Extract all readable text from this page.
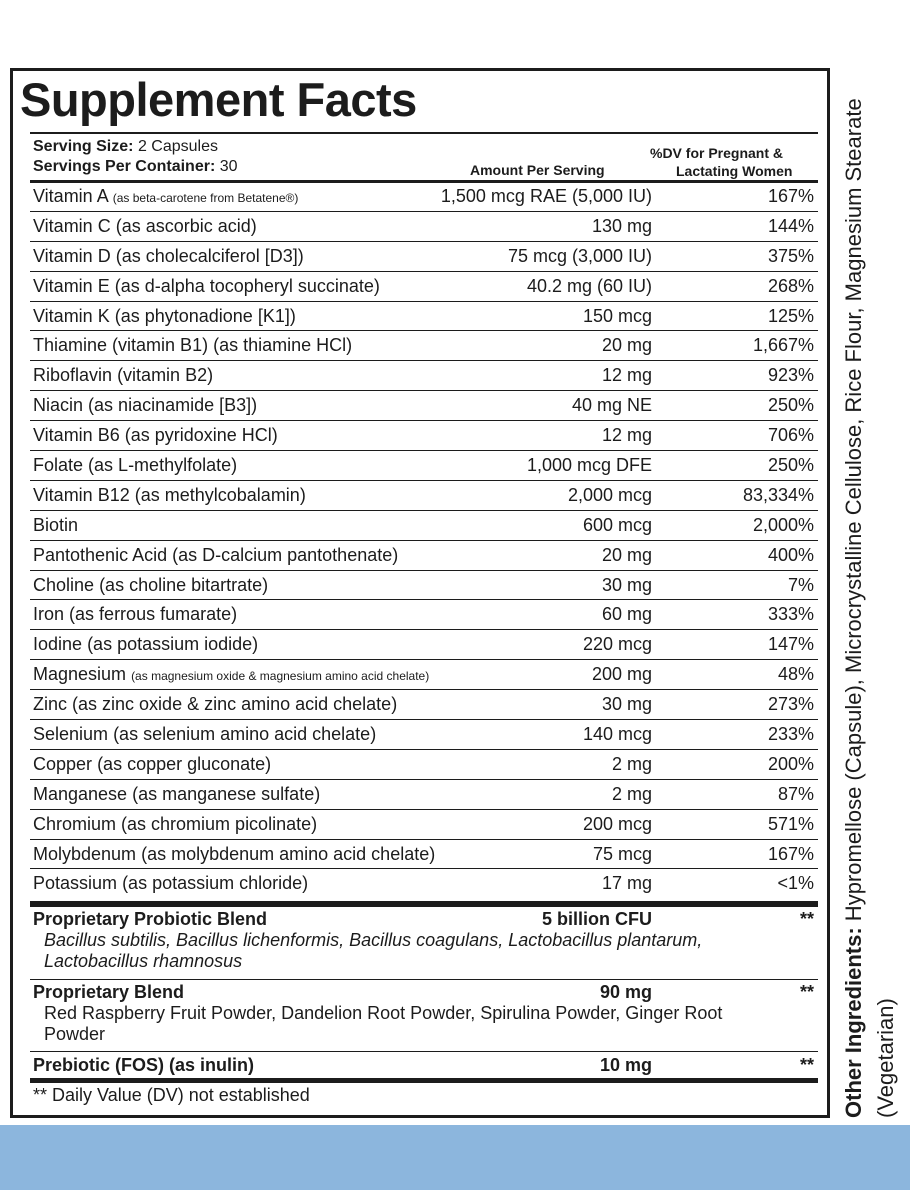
Supplement Facts
Serving Size: 2 Capsules
Servings Per Container: 30	Amount Per Serving
%DV for Pregnant &
Lactating Women
Vitamin A (as beta-carotene from Betatene®)	1,500 mcg RAE (5,000 IU)	167%
Vitamin C (as ascorbic acid)	130 mg	144%
Vitamin D (as cholecalciferol [D3])	75 mcg (3,000 IU)	375%
Vitamin E (as d-alpha tocopheryl succinate)	40.2 mg (60 IU)	268%
Vitamin K (as phytonadione [K1])	150 mcg	125%
Thiamine (vitamin B1) (as thiamine HCl)	20 mg	1,667%
Riboflavin (vitamin B2)	12 mg	923%
Niacin (as niacinamide [B3])	40 mg NE	250%
Vitamin B6 (as pyridoxine HCl)	12 mg	706%
Folate (as L-methylfolate)	1,000 mcg DFE	250%
Vitamin B12 (as methylcobalamin)	2,000 mcg	83,334%
Biotin	600 mcg	2,000%
Pantothenic Acid (as D-calcium pantothenate)	20 mg	400%
Choline (as choline bitartrate)	30 mg	7%
Iron (as ferrous fumarate)	60 mg	333%
Iodine (as potassium iodide)	220 mcg	147%
Magnesium (as magnesium oxide & magnesium amino acid chelate)	200 mg	48%
Zinc (as zinc oxide & zinc amino acid chelate)	30 mg	273%
Selenium (as selenium amino acid chelate)	140 mcg	233%
Copper (as copper gluconate)	2 mg	200%
Manganese (as manganese sulfate)	2 mg	87%
Chromium (as chromium picolinate)	200 mcg	571%
Molybdenum (as molybdenum amino acid chelate)	75 mcg	167%
Potassium (as potassium chloride)	17 mg	<1%
Proprietary Probiotic Blend	5 billion CFU	**
Bacillus subtilis, Bacillus lichenformis, Bacillus coagulans, Lactobacillus plantarum, Lactobacillus rhamnosus
Proprietary Blend	90 mg	**
Red Raspberry Fruit Powder, Dandelion Root Powder, Spirulina Powder, Ginger Root Powder
Prebiotic (FOS) (as inulin)	10 mg	**
** Daily Value (DV) not established	Other Ingredients: Hypromellose (Capsule), Microcrystalline Cellulose, Rice Flour, Magnesium Stearate (Vegetarian)
